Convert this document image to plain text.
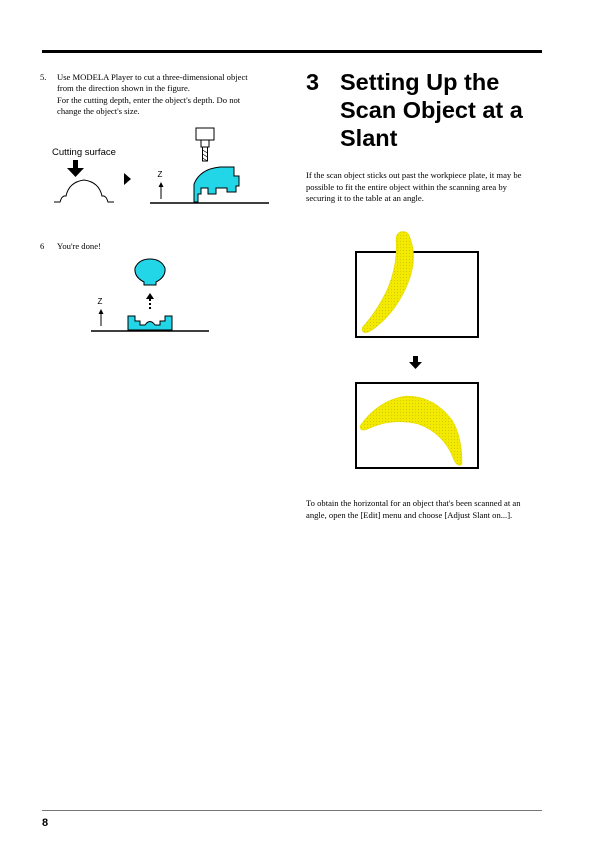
5. Use MODELA Player to cut a three-dimensional object
from the direction shown in the figure.
For the cutting depth, enter the object's depth. Do not
change the object's size.
Cutting surface
Z
6 You're done!
Z
3 Setting Up the
Scan Object at a
Slant
If the scan object sticks out past the workpiece plate, it may be
possible to fit the entire object within the scanning area by
securing it to the table at an angle.
To obtain the horizontal for an object that's been scanned at an
angle, open the [Edit] menu and choose [Adjust Slant on...].
8
